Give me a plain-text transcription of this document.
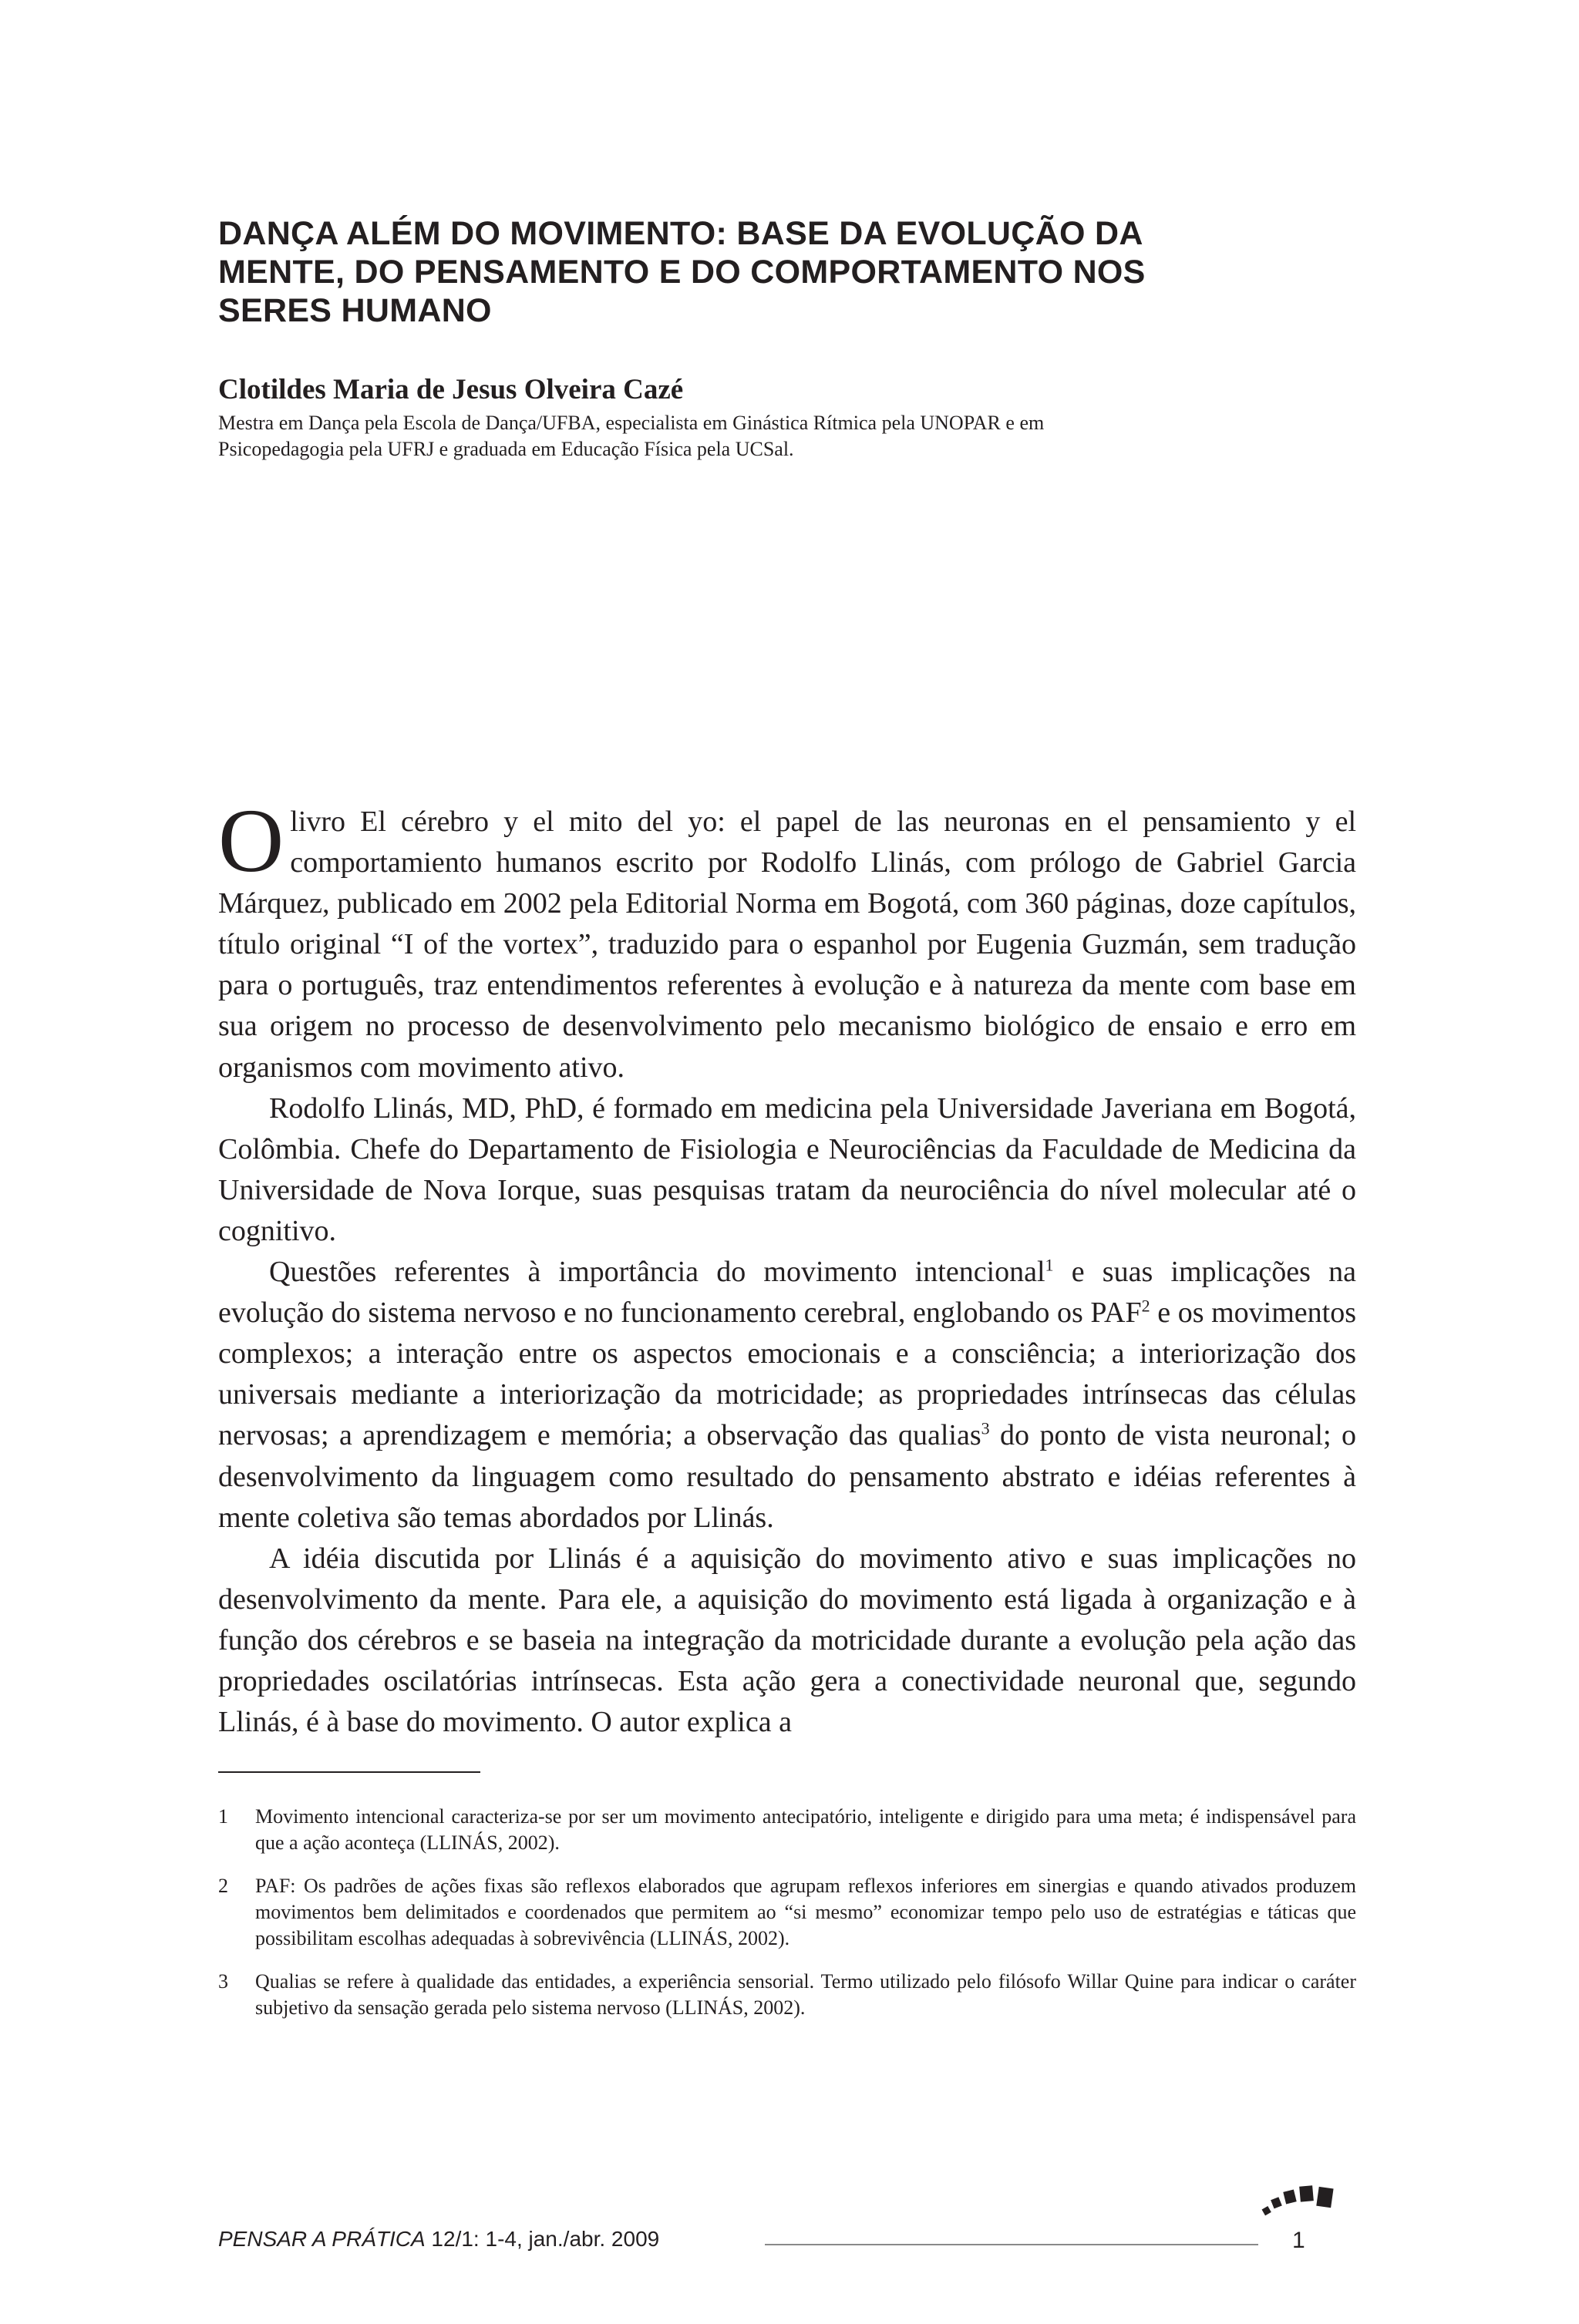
DANÇA ALÉM DO MOVIMENTO: BASE DA EVOLUÇÃO DA
MENTE, DO PENSAMENTO E DO COMPORTAMENTO NOS
SERES HUMANO
Clotildes Maria de Jesus Olveira Cazé
Mestra em Dança pela Escola de Dança/UFBA, especialista em Ginástica Rítmica pela UNOPAR e em
Psicopedagogia pela UFRJ e graduada em Educação Física pela UCSal.

Olivro El cérebro y el mito del yo: el papel de las neuronas en el pensamiento y el comportamiento humanos escrito por Rodolfo Llinás, com prólogo de Gabriel Garcia Márquez, publicado em 2002 pela Editorial Norma em Bogotá, com 360 páginas, doze capítulos, título original “I of the vortex”, traduzido para o espanhol por Eugenia Guzmán, sem tradução para o português, traz entendimentos referentes à evolução e à natureza da mente com base em sua origem no processo de desenvolvimento pelo mecanismo biológico de ensaio e erro em organismos com movimento ativo.

Rodolfo Llinás, MD, PhD, é formado em medicina pela Universidade Javeriana em Bogotá, Colômbia. Chefe do Departamento de Fisiologia e Neurociências da Faculdade de Medicina da Universidade de Nova Iorque, suas pesquisas tratam da neurociência do nível molecular até o cognitivo.

Questões referentes à importância do movimento intencional$^1$ e suas implicações na evolução do sistema nervoso e no funcionamento cerebral, englobando os PAF$^2$ e os movimentos complexos; a interação entre os aspectos emocionais e a consciência; a interiorização dos universais mediante a interiorização da motricidade; as propriedades intrínsecas das células nervosas; a aprendizagem e memória; a observação das qualias$^3$ do ponto de vista neuronal; o desenvolvimento da linguagem como resultado do pensamento abstrato e idéias referentes à mente coletiva são temas abordados por Llinás.

A idéia discutida por Llinás é a aquisição do movimento ativo e suas implicações no desenvolvimento da mente. Para ele, a aquisição do movimento está ligada à organização e à função dos cérebros e se baseia na integração da motricidade durante a evolução pela ação das propriedades oscilatórias intrínsecas. Esta ação gera a conectividade neuronal que, segundo Llinás, é à base do movimento. O autor explica a

1 Movimento intencional caracteriza-se por ser um movimento antecipatório, inteligente e dirigido para uma meta; é indispensável para que a ação aconteça (LLINÁS, 2002).
2 PAF: Os padrões de ações fixas são reflexos elaborados que agrupam reflexos inferiores em sinergias e quando ativados produzem movimentos bem delimitados e coordenados que permitem ao “si mesmo” economizar tempo pelo uso de estratégias e táticas que possibilitam escolhas adequadas à sobrevivência (LLINÁS, 2002).
3 Qualias se refere à qualidade das entidades, a experiência sensorial. Termo utilizado pelo filósofo Willar Quine para indicar o caráter subjetivo da sensação gerada pelo sistema nervoso (LLINÁS, 2002).
PENSAR A PRÁTICA 12/1: 1-4, jan./abr. 2009	1
